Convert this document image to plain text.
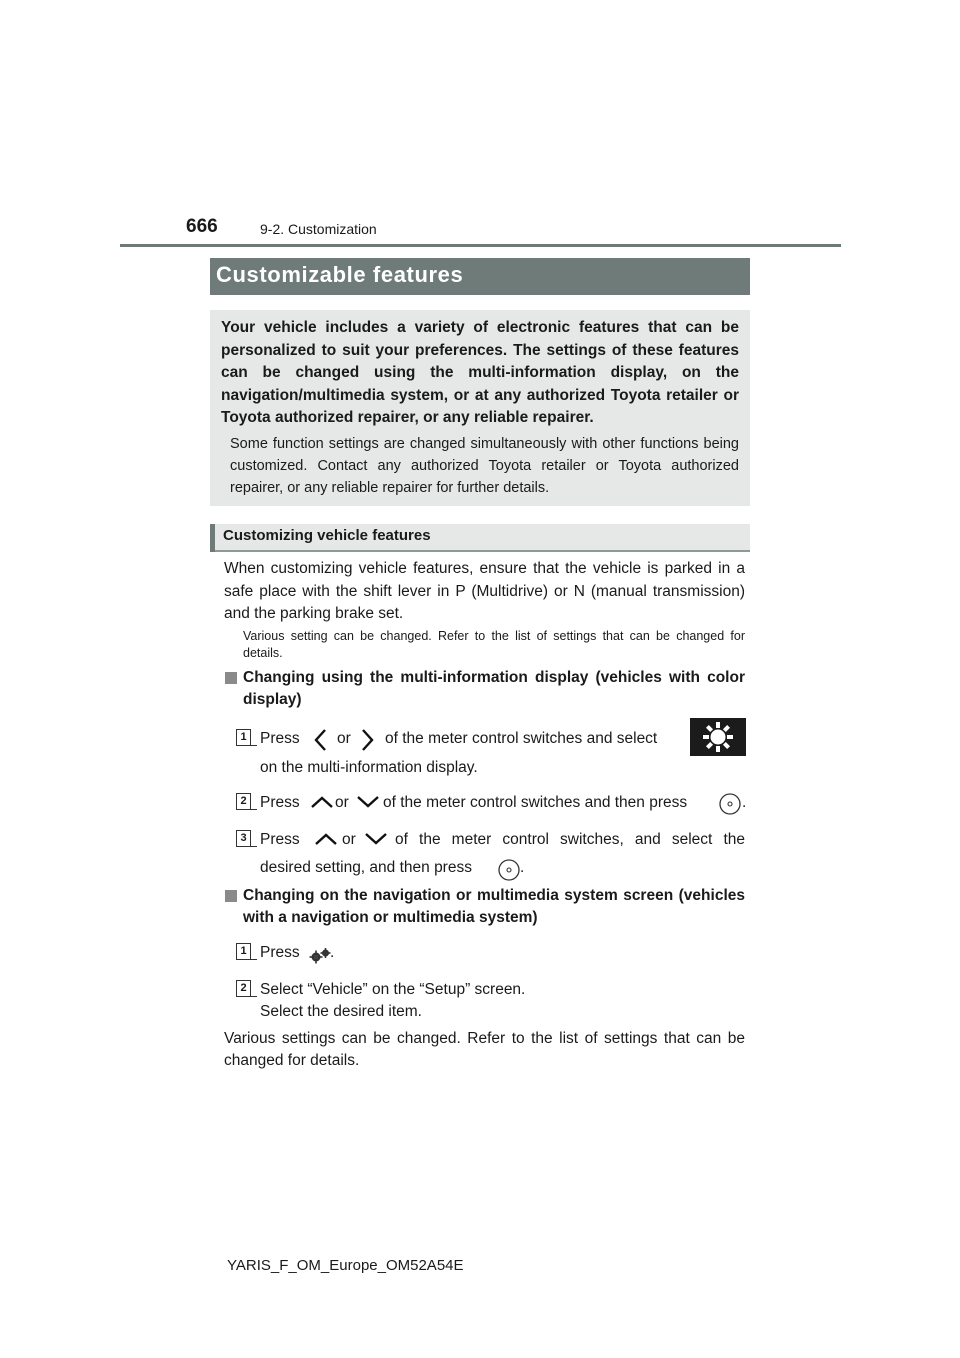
666	9-2. Customization
Customizable features
Your vehicle includes a variety of electronic features that can be personalized to suit your preferences. The settings of these features can be changed using the multi-information display, on the navigation/multimedia system, or at any authorized Toyota retailer or Toyota authorized repairer, or any reliable repairer.
Some function settings are changed simultaneously with other functions being customized. Contact any authorized Toyota retailer or Toyota authorized repairer, or any reliable repairer for further details.
Customizing vehicle features
When customizing vehicle features, ensure that the vehicle is parked in a safe place with the shift lever in P (Multidrive) or N (manual transmission) and the parking brake set.
Various setting can be changed. Refer to the list of settings that can be changed for details.
Changing using the multi-information display (vehicles with color display)
1 Press or of the meter control switches and select
on the multi-information display.
2 Press or of the meter control switches and then press	.
3 Press	or	of the meter control switches, and select the
desired setting, and then press	.
Changing on the navigation or multimedia system screen (vehicles with a navigation or multimedia system)
1 Press .
2 Select “Vehicle” on the “Setup” screen.
Select the desired item.
Various settings can be changed. Refer to the list of settings that can be changed for details.
YARIS_F_OM_Europe_OM52A54E
